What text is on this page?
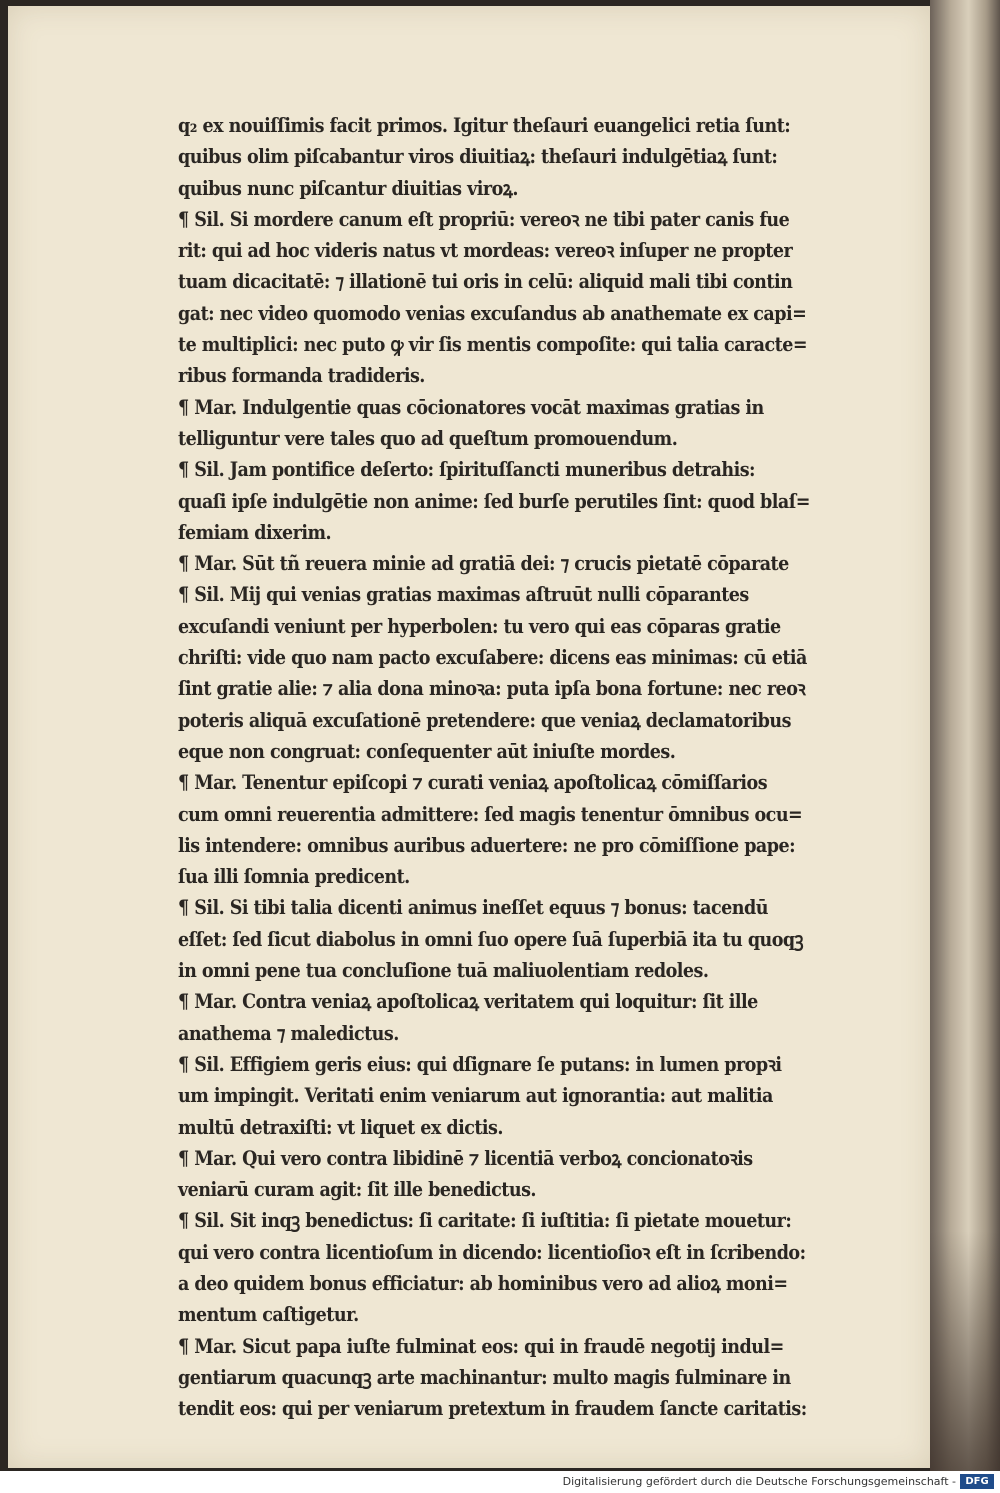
q₂ ex nouiſſimis facit primos. Igitur theſauri euangelici retia ſunt:
quibus olim piſcabantur viros diuitiaꝝ: theſauri indulgētiaꝝ ſunt:
quibus nunc piſcantur diuitias viroꝝ.
¶ Sil. Si mordere canum eſt propriū: vereoꝛ ne tibi pater canis fue
rit: qui ad hoc videris natus vt mordeas: vereoꝛ inſuper ne propter
tuam dicacitatē: ⁊ illationē tui oris in celū: aliquid mali tibi contin
gat: nec video quomodo venias excuſandus ab anathemate ex capi=
te multiplici: nec puto ꝙ vir ſis mentis compoſite: qui talia caracte=
ribus formanda tradideris.
¶ Mar. Indulgentie quas cōcionatores vocāt maximas gratias in
telliguntur vere tales quo ad queſtum promouendum.
¶ Sil. Jam pontifice deſerto: ſpirituſſancti muneribus detrahis:
quaſi ipſe indulgētie non anime: ſed burſe perutiles ſint: quod blaſ=
femiam dixerim.
¶ Mar. Sūt tñ reuera minie ad gratiā dei: ⁊ crucis pietatē cōparate
¶ Sil. Mij qui venias gratias maximas aſtruūt nulli cōparantes
excuſandi veniunt per hyperbolen: tu vero qui eas cōparas gratie
chriſti: vide quo nam pacto excuſabere: dicens eas minimas: cū etiā
ſint gratie alie: ⁊ alia dona minoꝛa: puta ipſa bona fortune: nec reoꝛ
poteris aliquā excuſationē pretendere: que veniaꝝ declamatoribus
eque non congruat: conſequenter aūt iniuſte mordes.
¶ Mar. Tenentur epiſcopi ⁊ curati veniaꝝ apoſtolicaꝝ cōmiſſarios
cum omni reuerentia admittere: ſed magis tenentur ōmnibus ocu=
lis intendere: omnibus auribus aduertere: ne pro cōmiſſione pape:
ſua illi ſomnia predicent.
¶ Sil. Si tibi talia dicenti animus ineſſet equus ⁊ bonus: tacendū
eſſet: ſed ſicut diabolus in omni ſuo opere ſuā ſuperbiā ita tu quoqꝫ
in omni pene tua concluſione tuā maliuolentiam redoles.
¶ Mar. Contra veniaꝝ apoſtolicaꝝ veritatem qui loquitur: ſit ille
anathema ⁊ maledictus.
¶ Sil. Effigiem geris eius: qui dſignare ſe putans: in lumen propꝛi
um impingit. Veritati enim veniarum aut ignorantia: aut malitia
multū detraxiſti: vt liquet ex dictis.
¶ Mar. Qui vero contra libidinē ⁊ licentiā verboꝝ concionatoꝛis
veniarū curam agit: ſit ille benedictus.
¶ Sil. Sit inqꝫ benedictus: ſi caritate: ſi iuſtitia: ſi pietate mouetur:
qui vero contra licentioſum in dicendo: licentioſioꝛ eſt in ſcribendo:
a deo quidem bonus efficiatur: ab hominibus vero ad alioꝝ moni=
mentum caſtigetur.
¶ Mar. Sicut papa iuſte fulminat eos: qui in fraudē negotij indul=
gentiarum quacunqꝫ arte machinantur: multo magis fulminare in
tendit eos: qui per veniarum pretextum in fraudem ſancte caritatis:
Digitalisierung gefördert durch die Deutsche Forschungsgemeinschaft - DFG
